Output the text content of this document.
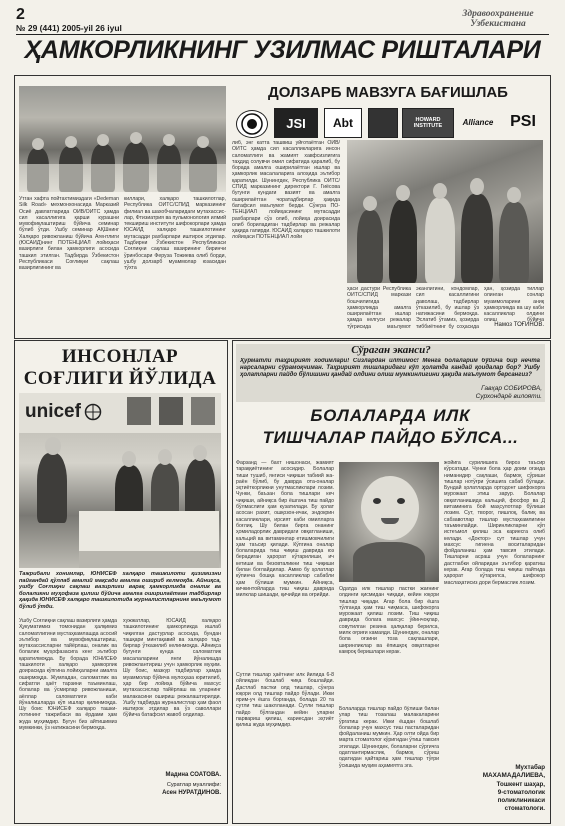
2
№ 29 (441) 2005-yil 26 iyul
Здравоохранение Узбекистана
ҲАМКОРЛИКНИНГ УЗИЛМАС РИШТАЛАРИ
ДОЛЗАРБ МАВЗУГА БАҒИШЛАБ
JSI	Abt	HOWARD INSTITUTE	Alliance	PSI
Утган хафта пойтахтимиздаги «Dedeman Silk Road» мехмонхонасида Марказий Осиё давлатларида ОИВ/ОИТС ҳамда сил касаллигига қарши курашни мувофиқлаштириш бўйича семинар бўлиб ўтди. Ушбу семинар АҚШнинг Халқаро ривожланиш бўйича Агентлиги (ЮСАИД)нинг ПОТЕНЦИАЛ лойиҳаси вазирлиги билан ҳамкорлиги асосида ташкил этилган. Тадбирда Ўзбекистон Республикаси Соғлиқни сақлаш вазирлигининг ва
киллари, халқаро ташкилотлар, Республика ОИТС/СПИД марказининг филиал ва шахобчаларидаги мутахассислар, Фтизиатрия ва пульмонология илмий текшириш институти шифокорлари ҳамда ЮСАИД халқаро ташкилотининг мутасадди рахбарлари иштирок этдилар. Тадбирни Ўзбекистон Республикаси Соғлиқни сақлаш вазирининг биринчи ўринбосари Феруза Тожиева олиб борди, ушбу долзарб муаммолар юзасидан тўхта
либ, энг катта ташвиш уйғотаётган ОИВ/ОИТС ҳамда сил касалликларига инсон саломатлиги ва жамият хавфсизлигига таҳдид солувчи омил сифатида қаралиб, бу борада амалга оширилаётган ишлар ва ҳамкорлик масалаларига алоҳида эътибор қаратилди. Шунингдек, Республика ОИТС/СПИД марказининг директори Г. Гиёсова бугунги кундаги вазият ва амалга оширилаётган чоратадбирлар ҳақида батафсил маълумот берди. Сўнгра ПОТЕНЦИАЛ лойиҳасининг мутасадди рахбарлари сўз олиб, лойиҳа доирасида олиб бориладиган тадбирлар ва режалар ҳақида гапирди. ЮСАИД халқаро ташкилоти лойиҳаси ПОТЕНЦИАЛ лойи
ҳаси дастури Республика ОИТС/СПИД маркази бошчилигида ҳамкорликда амалга оширилаётган ишлар ҳамда келгуси режалар тўғрисида маълумот
эканлигини, кондомлар, сил касаллигини даволаш, тадбирлар ўтказилиб, бу ишлар ўз натижасини бермоқда. Эслатиб ўтамиз, ҳозирда тиббиётнинг бу соҳасида
ҳан, ҳозирда тиллар олинган сонлар муаммоларини аниқ ҳамкорликда ва шу каби касалликлар олдини олиш бўйича
Намоз ТОҒИНОВ.
ИНСОНЛАР
СОҒЛИГИ ЙЎЛИДА
unicef
Тажрибали хонимлар, ЮНИСЕФ халқаро ташкилоти қизимизни пайгандай қўллаб амалий мақсади амалга ошириб келмоқда. Айниқса, ушбу Соғлиқни сақлаш вазирлиги варақ ҳамкорликда оналик ва болаликни муҳофаза қилиш бўйича амалга оширилаётган тадбирлар ҳақида ЮНИСЕФ халқаро ташкилотида журналистларнинг маълумот бўлиб ўтди.
Ушбу Соғлиқни сақлаш вазирлиги ҳамда Ҳукуматимиз томонидан ҳалқимиз саломатлигини мустаҳкамлашда асосий эътибор ва мувофиқлаштириш, мутахассисларни тайёрлаш, оналик ва болалик муҳофазасига кенг эътибор қаратилмоқда. Бу борада ЮНИСЕФ ташкилоти халқаро ҳамкорлик доирасида кўпгина лойиҳаларни амалга оширмоқда. Жумладан, саломатлик ва сифатли ҳаёт тарзини таъминлаш, болалар ва ўсмирлар ривожланиши, аёллар саломатлиги каби йўналишларда кўп ишлар қилинмоқда. Шу боис ЮНИСЕФ халқаро ташкилотининг тажрибаси ва ёрдами ҳам жуда муҳимдир. Бугун биз айтишимиз мумкинки, ўз натижасини бермоқда.
хужжатлар, ЮСАИД халқаро ташкилотининг ҳамкорликда ишлаб чиқилган дастурлар асосида, бундан ташқари минтақавий ва халқаро тадбирлар ўтказилиб келинмоқда. Айниқса бугунги кунда саломатлик масалаларини янги йўналишда ривожлантириш учун ҳамкорлик муҳим. Шу боис, мазкур тадбирлар ҳамда муаммолар бўйича мулоҳаза юритилиб, ҳар бир лойиҳа бўйича махсус мутахассислар тайёрлаш ва уларнинг малакасини ошириш режалаштирилди. Ушбу тадбирда журналистлар ҳам фаол иштирок этдилар ва ўз саволлари бўйича батафсил жавоб олдилар.
Мадина СОАТОВА.
Суратлар муаллифи:
Асен НУРАТДИНОВ.
Сўраган эканси?
Ҳурматли таҳририят ходимлари! Сизлардан илтимос! Менга болаларим бўйича бир нечта нарсаларни сўрамоқчиман. Таҳририят тишларидаги кўп ҳолатда кандай қоидалар бор? Ушбу ҳолатларни пайдо бўлишини қандай олдини олиш мумкинлигини ҳақида маълумот берсангиз?
Гавҳар СОБИРОВА,
Сурхондарё вилояти.
БОЛАЛАРДА ИЛК
ТИШЧАЛАР ПАЙДО БЎЛСА...
Фарзанд — бахт нишонаси, жамият тараққиётининг асосидир. Болалар тиши тушиб, янгиси чиқиши табиий жараён бўлиб, бу даврда ота-оналар эҳтиёткорликни унутмасликлари лозим. Чунки, баъзан бола тишлари кеч чиқиши, айниқса бир ёшгача тиш пайдо бўлмаслиги ҳам кузатилади. Бу ҳолат асосан рахит, ошқозон-ичак, эндокрин касалликлари, ирсият каби омилларга боғлиқ. Шу билан бирга онанинг ҳомиладорлик давридаги овқатланиши, кальций ва витаминлар етишмовчилиги ҳам таъсир қилади. Кўпгина оналар болаларида тиш чиқиш даврида юз берадиган ҳарорат кўтарилиши, ич кетиши ва безовталикни тиш чиқиши билан боғлайдилар. Аммо бу ҳолатлар кўпинча бошқа касалликлар сабабли ҳам бўлиши мумкин. Айниқса, кичкинтойларда тиш чиқиш даврида милклар шишади, қичийди ва оғрийди.
Сутли тишлар ҳаётнинг илк йилида 6-8 ойликдан бошлаб чиқа бошлайди. Дастлаб пастки олд тишлар, сўнгра юқори олд тишлар пайдо бўлади. Икки ярим-уч ёшга борганда, болада 20 та сутли тиш шаклланади. Сутли тишлар пайдо бўлгандан кейин уларни парвариш қилиш, кариесдан эҳтиёт қилиш жуда муҳимдир.
Одатда илк тишлар пастки жағнинг олдинги қисмидан чиқади, кейин юқори тишлар чиқади. Агар бола бир ёшга тўлганда ҳам тиш чиқмаса, шифокорга мурожаат қилиш лозим. Тиш чиқиш даврида болага махсус ўйинчоқлар, совутилган резина ҳалқалар берилса, милк оғриғи камаяди. Шунингдек, оналар бола оғзини тоза сақлашлари, ширинликлар ва ёпишқоқ овқатларни камроқ беришлари керак.
Болаларда тишлар пайдо бўлиши билан улар тиш тозалаш малакаларини ўргатиш керак. Икки ёшдан бошлаб болалар учун махсус тиш пасталаридан фойдаланиш мумкин. Ҳар олти ойда бир марта стоматолог кўригидан ўтиш тавсия этилади. Шунингдек, болаларни сўргичга одатлантирмаслик, бармоқ сўриш одатидан қайтариш ҳам тишлар тўғри ўсишида муҳим аҳамиятга эга.
жойига сурилишига бироз таъсир кўрсатади. Чунки бола ҳар доим оғзида ниманидир сақлаши, бармоқ сўриши тишлар нотўғри ўсишига сабаб бўлади. Бундай ҳолатларда ортодонт шифокорга мурожаат этиш зарур. Болалар овқатланишида кальций, фосфор ва Д витаминига бой маҳсулотлар бўлиши лозим. Сут, творог, пишлоқ, балиқ ва сабзавотлар тишлар мустаҳкамлигини таъминлайди. Ширинликларни кўп истеъмол қилиш эса кариесга олиб келади. «Доктор» сут тишлар учун махсус гигиена воситаларидан фойдаланиш ҳам тавсия этилади. Тишларни асраш учун болаларнинг дастлабки ойларидан эътибор қаратиш керак. Агар болада тиш чиқиш пайтида ҳарорат кўтарилса, шифокор маслаҳатисиз дори бермаслик лозим.
Мухтабар
МАХАМАДАЛИЕВА,
Тошкент шаҳар,
9-стоматологик
поликлиникаси
стоматологи.
